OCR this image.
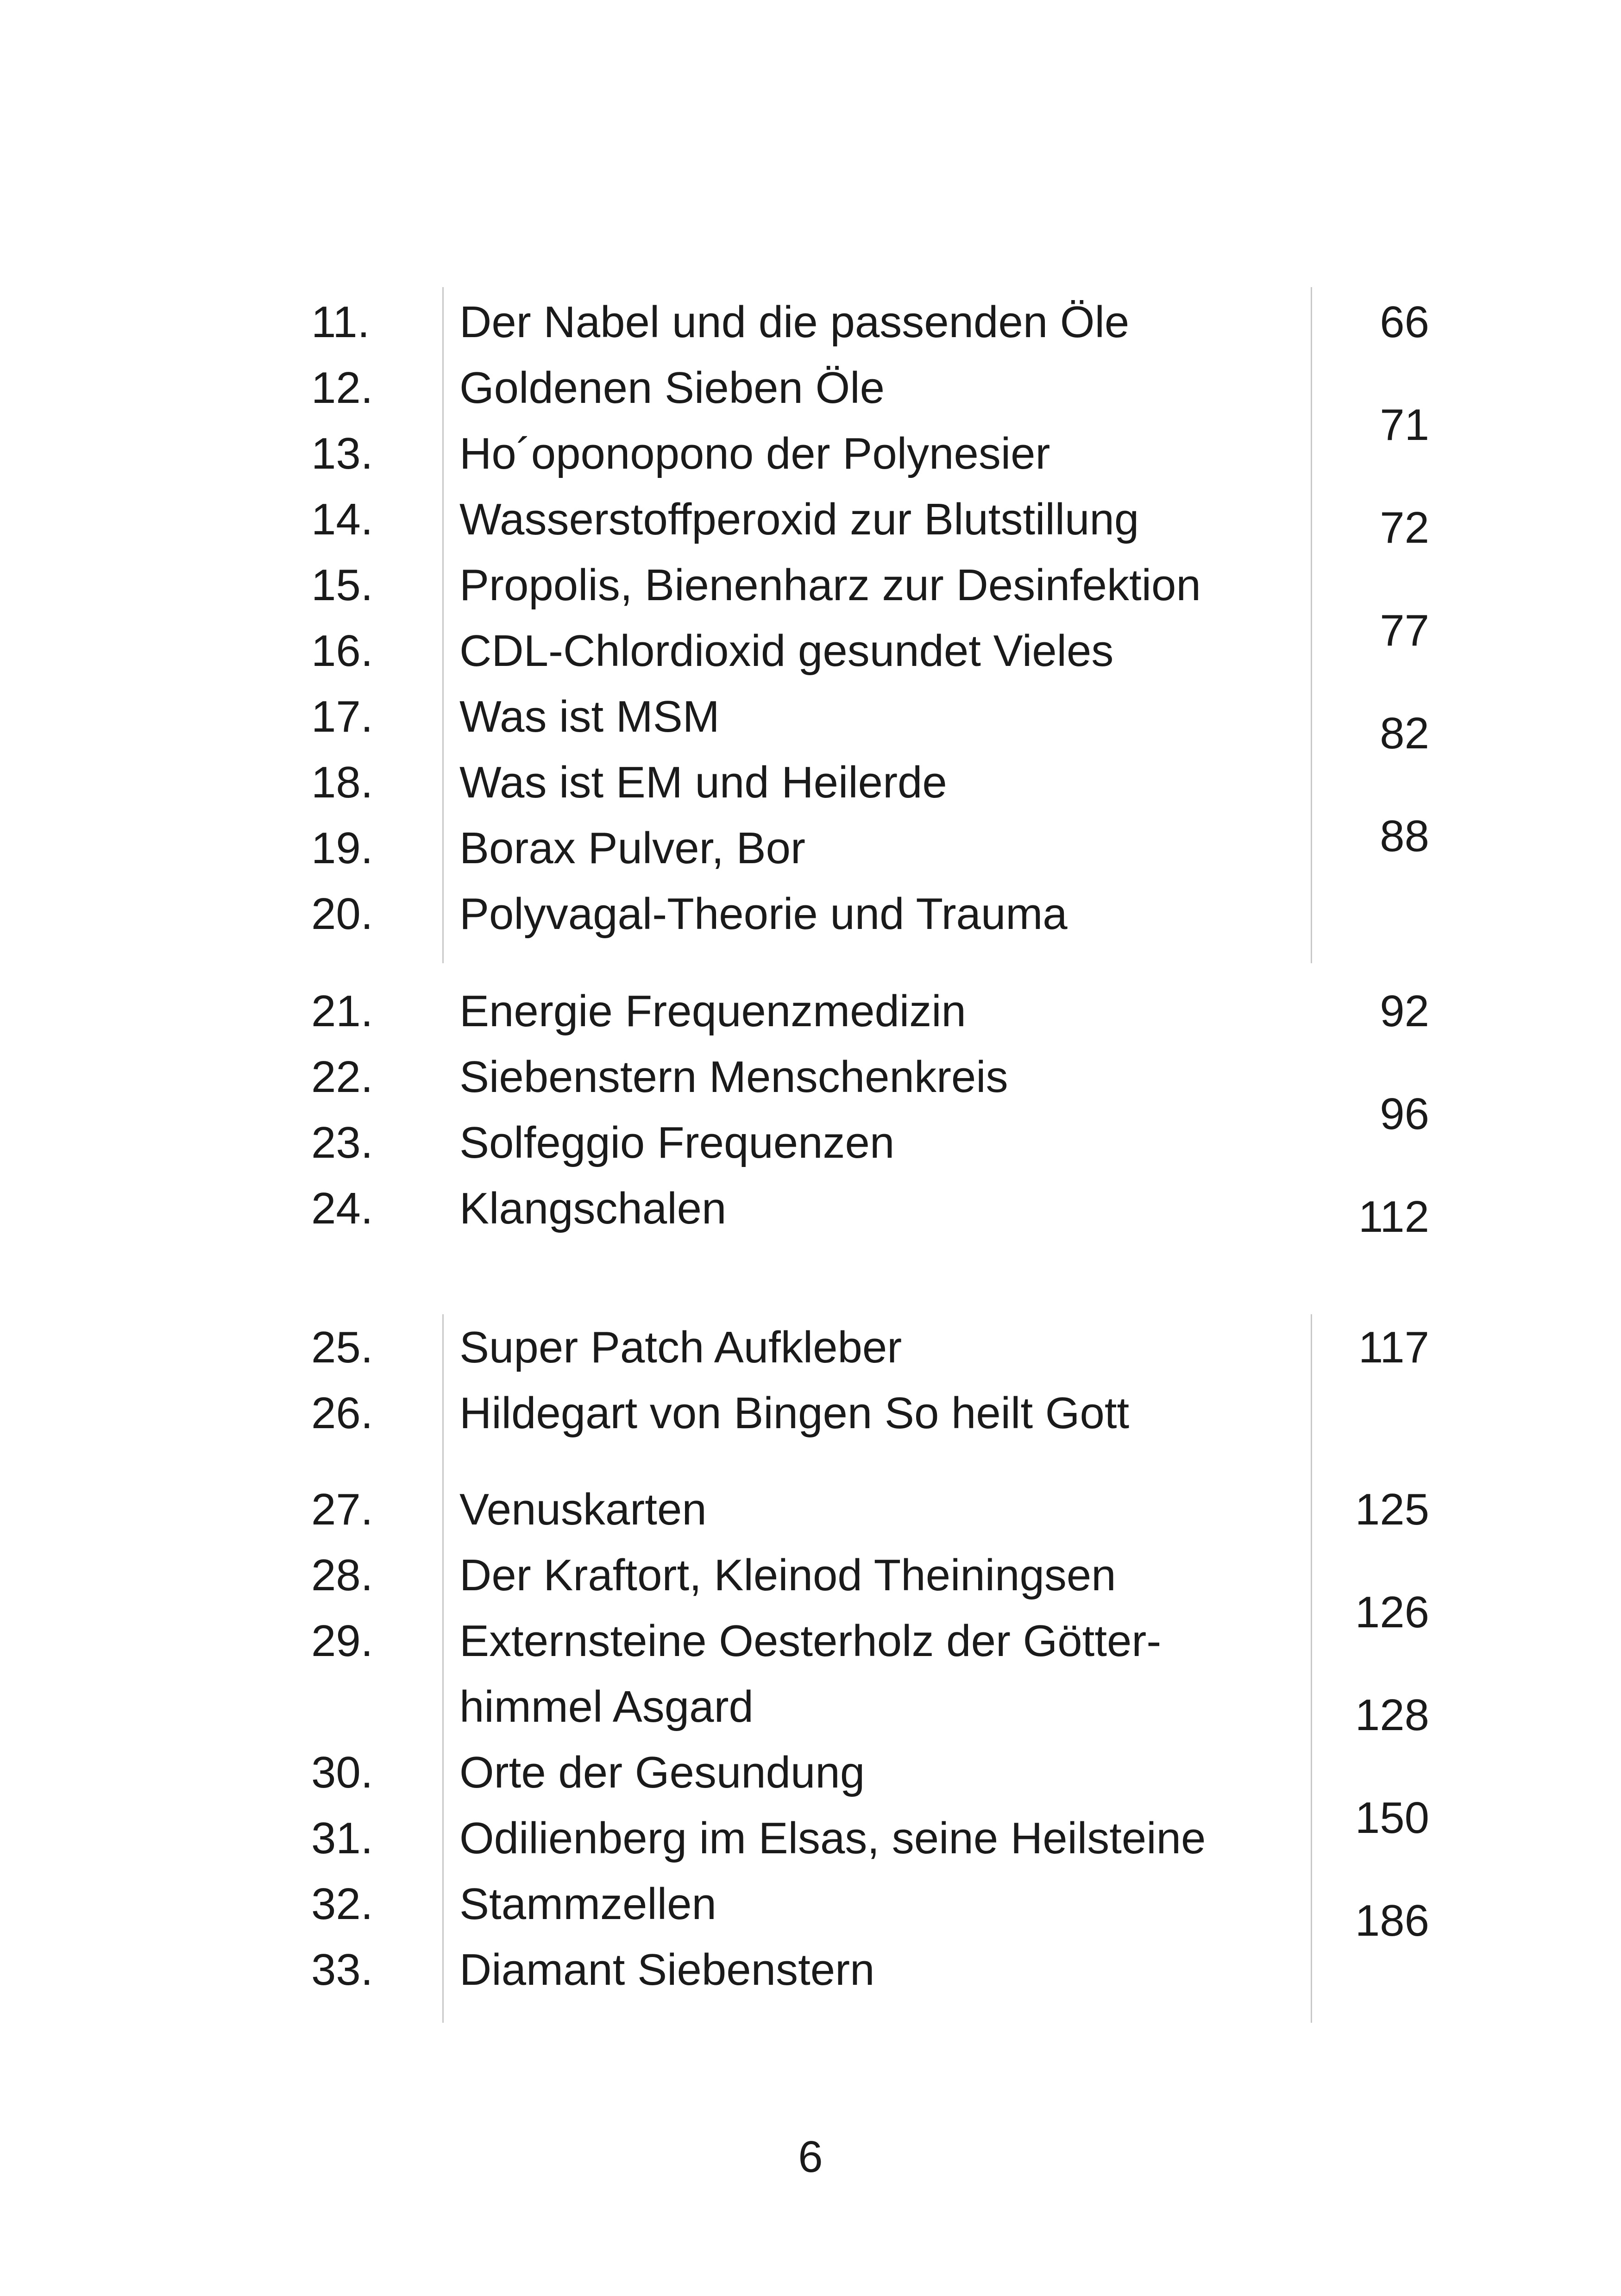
11. Der Nabel und die passenden Öle
12. Goldenen Sieben Öle
13. Ho´oponopono der Polynesier
14. Wasserstoffperoxid zur Blutstillung
15. Propolis, Bienenharz zur Desinfektion
16. CDL-Chlordioxid gesundet Vieles
17. Was ist MSM
18. Was ist EM und Heilerde
19. Borax Pulver, Bor
20. Polyvagal-Theorie und Trauma
21. Energie Frequenzmedizin
22. Siebenstern Menschenkreis
23. Solfeggio Frequenzen
24. Klangschalen
25. Super Patch Aufkleber
26. Hildegart von Bingen So heilt Gott
27. Venuskarten
28. Der Kraftort, Kleinod Theiningsen
29. Externsteine Oesterholz der Götter-
himmel Asgard
30. Orte der Gesundung
31. Odilienberg im Elsas, seine Heilsteine
32. Stammzellen
33. Diamant Siebenstern
66
71
72
77
82
88
92
96
112
117
125
126
128
150
186
6
